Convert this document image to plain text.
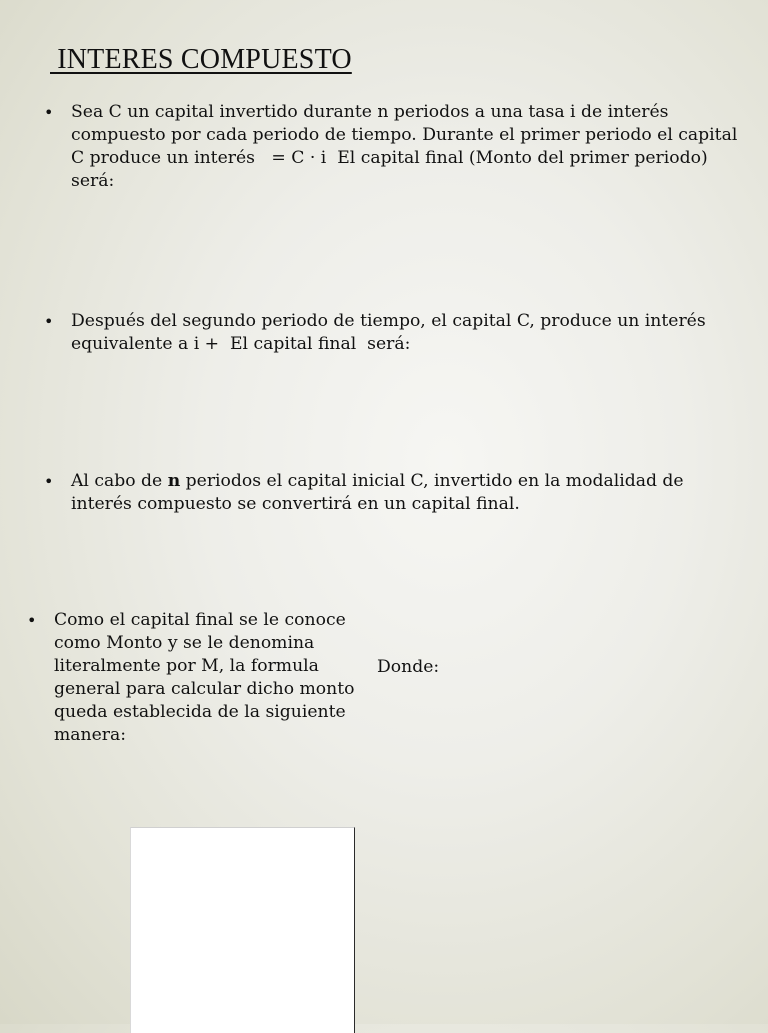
INTERES COMPUESTO
• Sea C un capital invertido durante n periodos a una tasa i de interés
compuesto por cada periodo de tiempo. Durante el primer periodo el capital
C produce un interés   = C · i  El capital final (Monto del primer periodo)
será:
• Después del segundo periodo de tiempo, el capital C, produce un interés
equivalente a i +  El capital final  será:
• Al cabo de n periodos el capital inicial C, invertido en la modalidad de
interés compuesto se convertirá en un capital final.
• Como el capital final se le conoce
como Monto y se le denomina
literalmente por M, la formula
general para calcular dicho monto
queda establecida de la siguiente
manera:
Donde:
